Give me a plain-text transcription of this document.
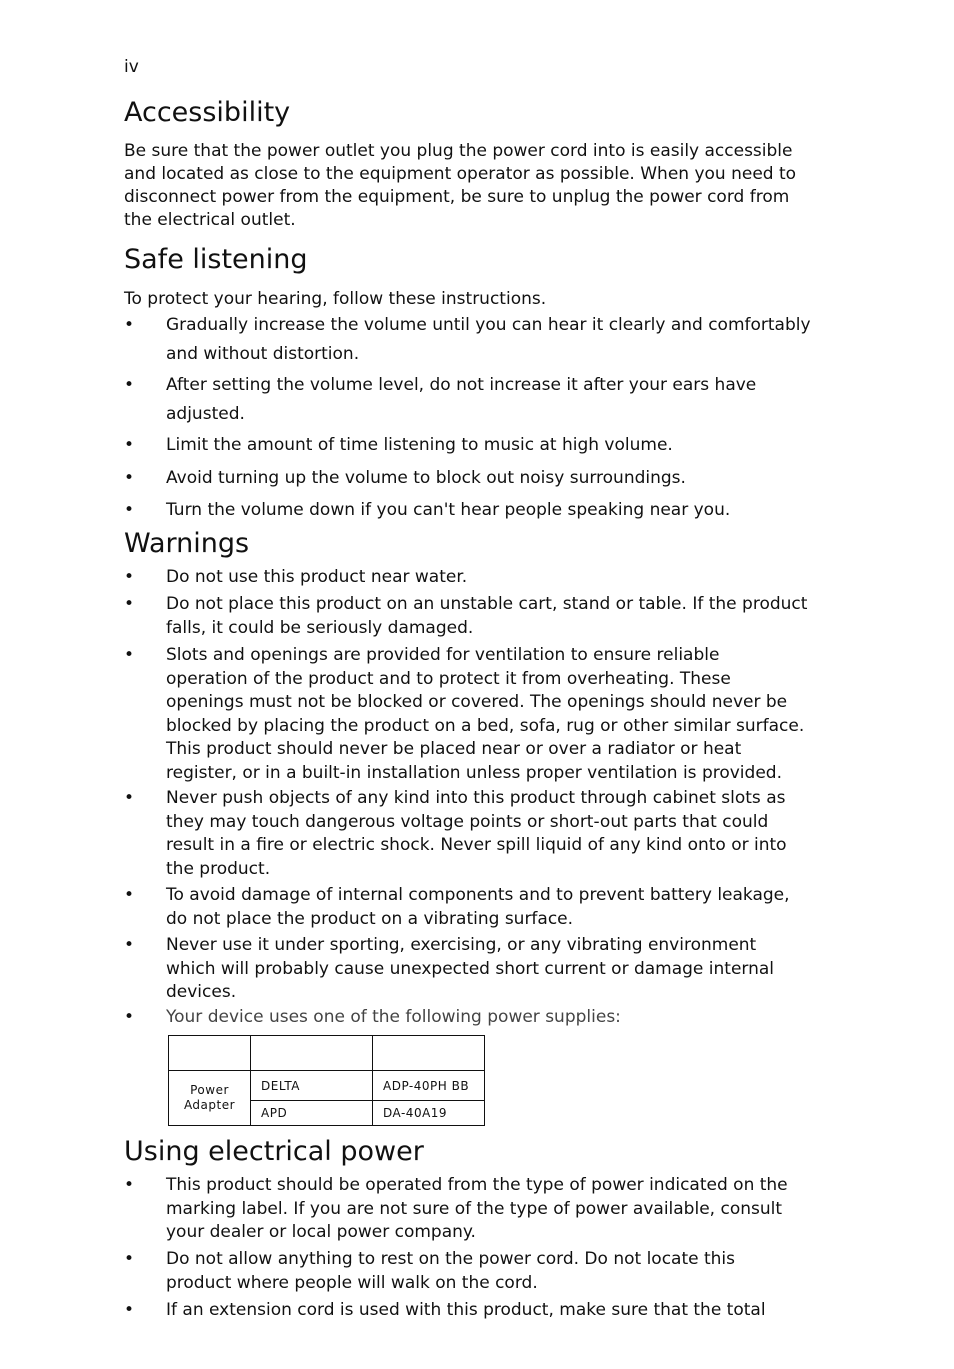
iv
Accessibility
Be sure that the power outlet you plug the power cord into is easily accessible
and located as close to the equipment operator as possible. When you need to
disconnect power from the equipment, be sure to unplug the power cord from
the electrical outlet.
Safe listening
To protect your hearing, follow these instructions.
•	Gradually increase the volume until you can hear it clearly and comfortably
and without distortion.
•	After setting the volume level, do not increase it after your ears have
adjusted.
•	Limit the amount of time listening to music at high volume.
•	Avoid turning up the volume to block out noisy surroundings.
•	Turn the volume down if you can't hear people speaking near you.
Warnings
•	Do not use this product near water.
•	Do not place this product on an unstable cart, stand or table. If the product
falls, it could be seriously damaged.
•	Slots and openings are provided for ventilation to ensure reliable
operation of the product and to protect it from overheating. These
openings must not be blocked or covered. The openings should never be
blocked by placing the product on a bed, sofa, rug or other similar surface.
This product should never be placed near or over a radiator or heat
register, or in a built-in installation unless proper ventilation is provided.
•	Never push objects of any kind into this product through cabinet slots as
they may touch dangerous voltage points or short-out parts that could
result in a fire or electric shock. Never spill liquid of any kind onto or into
the product.
•	To avoid damage of internal components and to prevent battery leakage,
do not place the product on a vibrating surface.
•	Never use it under sporting, exercising, or any vibrating environment
which will probably cause unexpected short current or damage internal
devices.
•	Your device uses one of the following power supplies:

Power
Adapter	DELTA	ADP-40PH BB
	APD	DA-40A19
Using electrical power
•	This product should be operated from the type of power indicated on the
marking label. If you are not sure of the type of power available, consult
your dealer or local power company.
•	Do not allow anything to rest on the power cord. Do not locate this
product where people will walk on the cord.
•	If an extension cord is used with this product, make sure that the total
